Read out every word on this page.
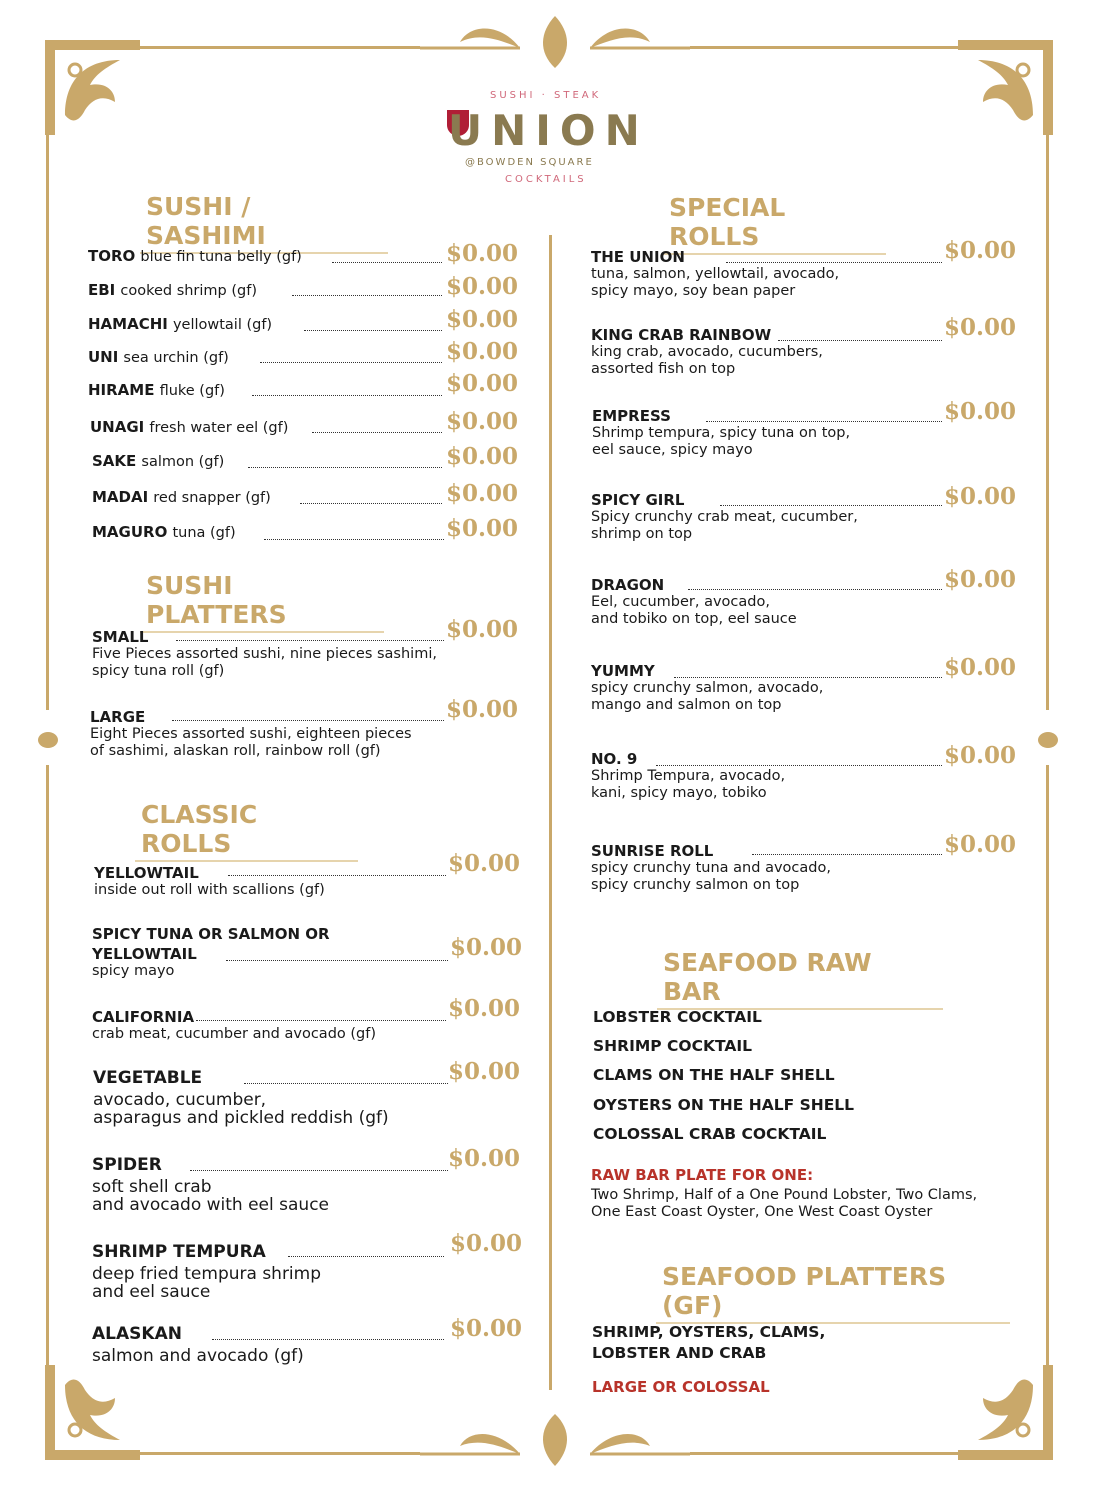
SUSHI · STEAK
UNION
@BOWDEN SQUARE
COCKTAILS
SUSHI / SASHIMI
TORO blue fin tuna belly (gf)	$0.00
EBI cooked shrimp (gf)	$0.00
HAMACHI yellowtail (gf)	$0.00
UNI sea urchin (gf)	$0.00
HIRAME fluke (gf)	$0.00
UNAGI fresh water eel (gf)	$0.00
SAKE salmon (gf)	$0.00
MADAI red snapper (gf)	$0.00
MAGURO tuna (gf)	$0.00
SUSHI PLATTERS
SMALL
Five Pieces assorted sushi, nine pieces sashimi,
spicy tuna roll (gf)
$0.00
LARGE
Eight Pieces assorted sushi, eighteen pieces
of sashimi, alaskan roll, rainbow roll (gf)
$0.00
CLASSIC ROLLS
YELLOWTAIL
inside out roll with scallions (gf)
$0.00
SPICY TUNA OR SALMON OR
YELLOWTAIL
spicy mayo
$0.00
CALIFORNIA
crab meat, cucumber and avocado (gf)
$0.00
VEGETABLE
avocado, cucumber,
asparagus and pickled reddish (gf)
$0.00
SPIDER
soft shell crab
and avocado with eel sauce
$0.00
SHRIMP TEMPURA
deep fried tempura shrimp
and eel sauce
$0.00
ALASKAN
salmon and avocado (gf)
$0.00
SPECIAL ROLLS
THE UNION
tuna, salmon, yellowtail, avocado,
spicy mayo, soy bean paper
$0.00
KING CRAB RAINBOW
king crab, avocado, cucumbers,
assorted fish on top
$0.00
EMPRESS
Shrimp tempura, spicy tuna on top,
eel sauce, spicy mayo
$0.00
SPICY GIRL
Spicy crunchy crab meat, cucumber,
shrimp on top
$0.00
DRAGON
Eel, cucumber, avocado,
and tobiko on top, eel sauce
$0.00
YUMMY
spicy crunchy salmon, avocado,
mango and salmon on top
$0.00
NO. 9
Shrimp Tempura, avocado,
kani, spicy mayo, tobiko
$0.00
SUNRISE ROLL
spicy crunchy tuna and avocado,
spicy crunchy salmon on top
$0.00
SEAFOOD RAW BAR
LOBSTER COCKTAIL
SHRIMP COCKTAIL
CLAMS ON THE HALF SHELL
OYSTERS ON THE HALF SHELL
COLOSSAL CRAB COCKTAIL
RAW BAR PLATE FOR ONE:
Two Shrimp, Half of a One Pound Lobster, Two Clams,
One East Coast Oyster, One West Coast Oyster
SEAFOOD PLATTERS (GF)
SHRIMP, OYSTERS, CLAMS,
LOBSTER AND CRAB
LARGE OR COLOSSAL
